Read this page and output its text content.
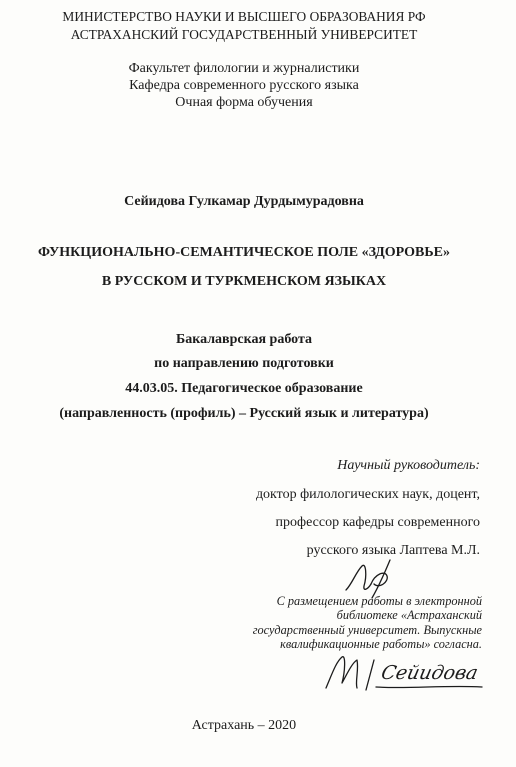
МИНИСТЕРСТВО НАУКИ И ВЫСШЕГО ОБРАЗОВАНИЯ РФ
АСТРАХАНСКИЙ ГОСУДАРСТВЕННЫЙ УНИВЕРСИТЕТ
Факультет филологии и журналистики
Кафедра современного русского языка
Очная форма обучения
Сейидова Гулкамар Дурдымурадовна
ФУНКЦИОНАЛЬНО-СЕМАНТИЧЕСКОЕ ПОЛЕ «ЗДОРОВЬЕ»
В РУССКОМ И ТУРКМЕНСКОМ ЯЗЫКАХ
Бакалаврская работа
по направлению подготовки
44.03.05. Педагогическое образование
(направленность (профиль) – Русский язык и литература)
Научный руководитель:
доктор филологических наук, доцент,
профессор кафедры современного
русского языка Лаптева М.Л.
С размещением работы в электронной
библиотеке «Астраханский
государственный университет. Выпускные
квалификационные работы» согласна.
Сейидова
Астрахань – 2020
